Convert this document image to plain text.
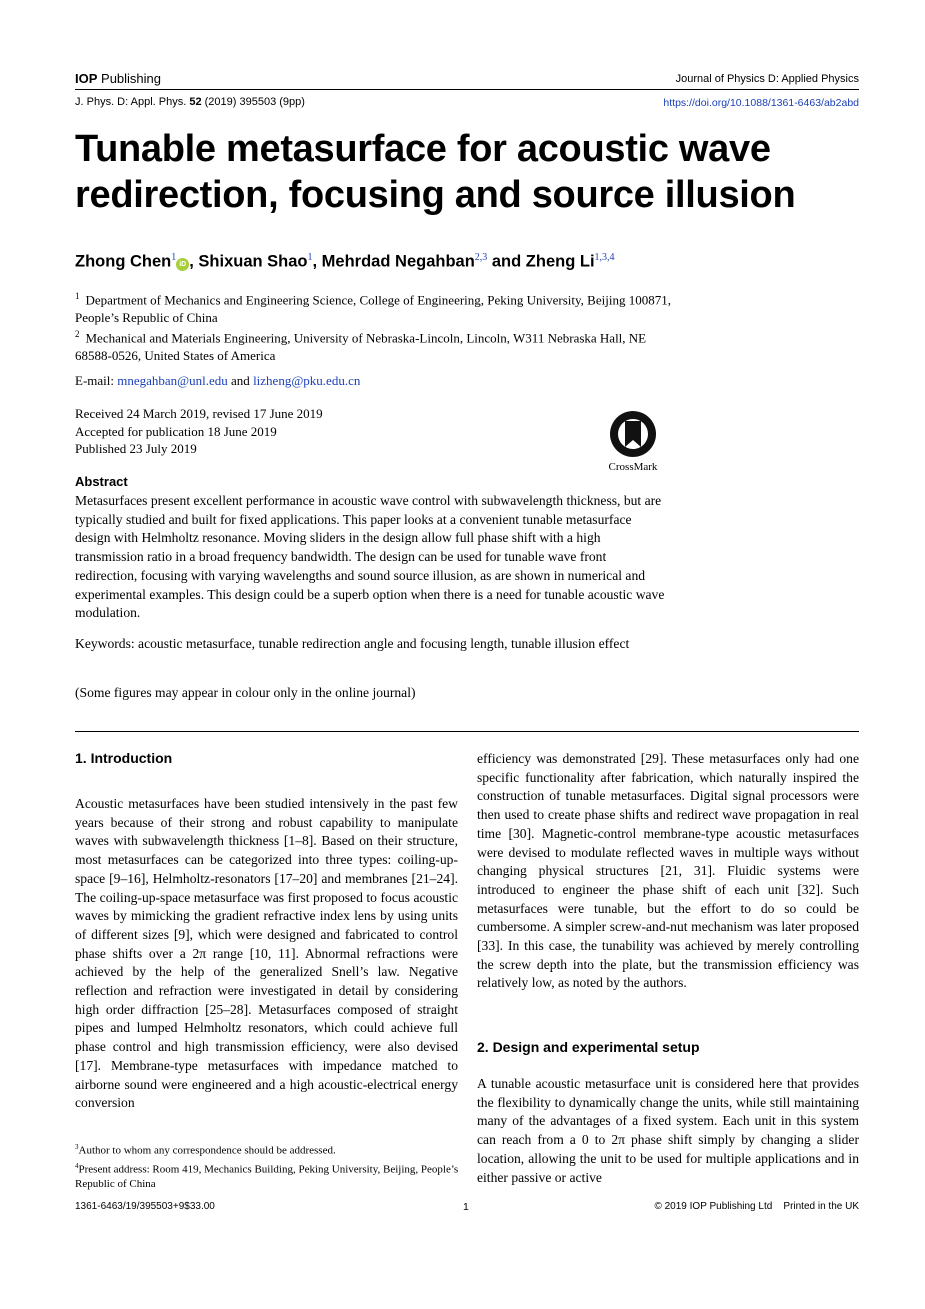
IOP Publishing	Journal of Physics D: Applied Physics
J. Phys. D: Appl. Phys. 52 (2019) 395503 (9pp)	https://doi.org/10.1088/1361-6463/ab2abd
Tunable metasurface for acoustic wave redirection, focusing and source illusion
Zhong Chen$^1$iD , Shixuan Shao$^1$, Mehrdad Negahban$^{2,3}$ and Zheng Li$^{1,3,4}$
$^1$ Department of Mechanics and Engineering Science, College of Engineering, Peking University, Beijing 100871, People’s Republic of China
$^2$ Mechanical and Materials Engineering, University of Nebraska-Lincoln, Lincoln, W311 Nebraska Hall, NE 68588-0526, United States of America
E-mail: mnegahban@unl.edu and lizheng@pku.edu.cn
Received 24 March 2019, revised 17 June 2019
Accepted for publication 18 June 2019
Published 23 July 2019
CrossMark
Abstract
Metasurfaces present excellent performance in acoustic wave control with subwavelength thickness, but are typically studied and built for fixed applications. This paper looks at a convenient tunable metasurface design with Helmholtz resonance. Moving sliders in the design allow full phase shift with a high transmission ratio in a broad frequency bandwidth. The design can be used for tunable wave front redirection, focusing with varying wavelengths and sound source illusion, as are shown in numerical and experimental examples. This design could be a superb option when there is a need for tunable acoustic wave modulation.
Keywords: acoustic metasurface, tunable redirection angle and focusing length, tunable illusion effect
(Some figures may appear in colour only in the online journal)
1. Introduction
Acoustic metasurfaces have been studied intensively in the past few years because of their strong and robust capability to manipulate waves with subwavelength thickness [1–8]. Based on their structure, most metasurfaces can be categorized into three types: coiling-up-space [9–16], Helmholtz-resonators [17–20] and membranes [21–24]. The coiling-up-space metasurface was first proposed to focus acoustic waves by mimicking the gradient refractive index lens by using units of different sizes [9], which were designed and fabricated to control phase shifts over a 2π range [10, 11]. Abnormal refractions were achieved by the help of the generalized Snell’s law. Negative reflection and refraction were investigated in detail by considering high order diffraction [25–28]. Metasurfaces composed of straight pipes and lumped Helmholtz resonators, which could achieve full phase control and high transmission efficiency, were also devised [17]. Membrane-type metasurfaces with impedance matched to airborne sound were engineered and a high acoustic-electrical energy conversion
efficiency was demonstrated [29]. These metasurfaces only had one specific functionality after fabrication, which naturally inspired the construction of tunable metasurfaces. Digital signal processors were then used to create phase shifts and redirect wave propagation in real time [30]. Magnetic-control membrane-type acoustic metasurfaces were devised to modulate reflected waves in multiple ways without changing physical structures [21, 31]. Fluidic systems were introduced to engineer the phase shift of each unit [32]. Such metasurfaces were tunable, but the effort to do so could be cumbersome. A simpler screw-and-nut mechanism was later proposed [33]. In this case, the tunability was achieved by merely controlling the screw depth into the plate, but the transmission efficiency was relatively low, as noted by the authors.
2. Design and experimental setup
A tunable acoustic metasurface unit is considered here that provides the flexibility to dynamically change the units, while still maintaining many of the advantages of a fixed system. Each unit in this system can reach from a 0 to 2π phase shift simply by changing a slider location, allowing the unit to be used for multiple applications and in either passive or active
$^3$Author to whom any correspondence should be addressed.
$^4$Present address: Room 419, Mechanics Building, Peking University, Beijing, People’s Republic of China
1361-6463/19/395503+9$33.00	1	© 2019 IOP Publishing Ltd    Printed in the UK
